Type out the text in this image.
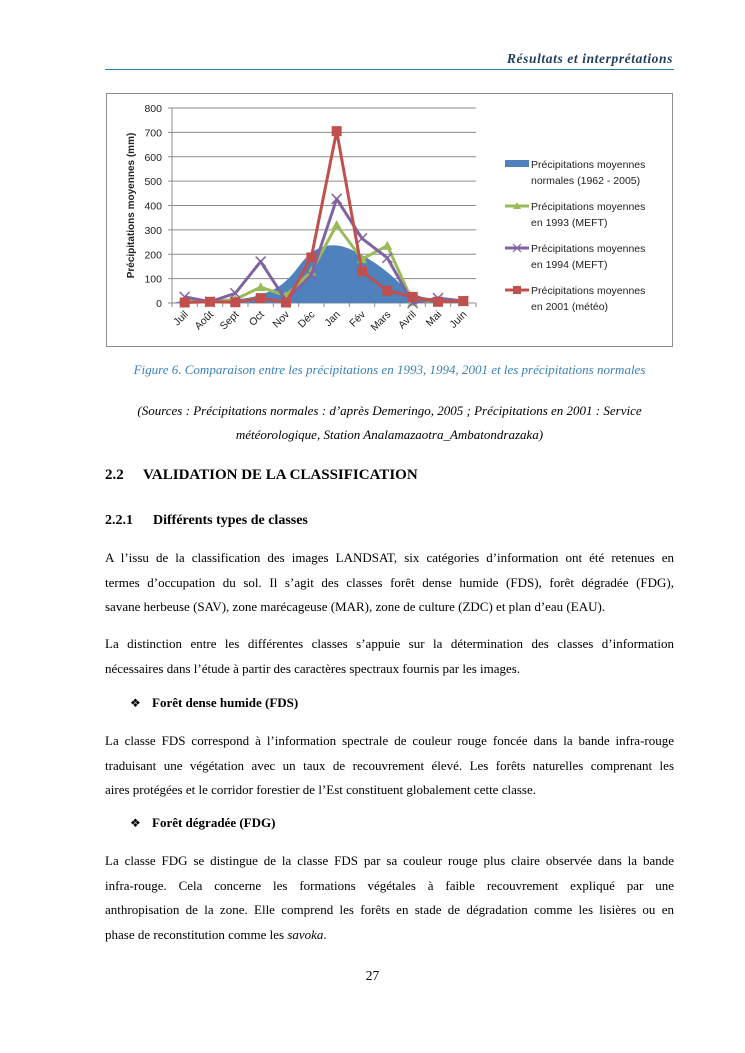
Résultats et interprétations
0
100
200
300
400
500
600
700
800
Précipitations moyennes (mm)
Juil Août Sept Oct Nov Déc Jan Fév Mars Avril Mai Juin
Précipitations moyennes
normales (1962 - 2005)
Précipitations moyennes
en 1993 (MEFT)
Précipitations moyennes
en 1994 (MEFT)
Précipitations moyennes
en 2001 (météo)
Figure 6. Comparaison entre les précipitations en 1993, 1994, 2001 et les précipitations normales
(Sources : Précipitations normales : d’après Demeringo, 2005 ; Précipitations en 2001 : Service
météorologique, Station Analamazaotra_Ambatondrazaka)
2.2 VALIDATION DE LA CLASSIFICATION
2.2.1 Différents types de classes
A l’issu de la classification des images LANDSAT, six catégories d’information ont été retenues en
termes d’occupation du sol. Il s’agit des classes forêt dense humide (FDS), forêt dégradée (FDG),
savane herbeuse (SAV), zone marécageuse (MAR), zone de culture (ZDC) et plan d’eau (EAU).
La distinction entre les différentes classes s’appuie sur la détermination des classes d’information
nécessaires dans l’étude à partir des caractères spectraux fournis par les images.
❖ Forêt dense humide (FDS)
La classe FDS correspond à l’information spectrale de couleur rouge foncée dans la bande infra-rouge
traduisant une végétation avec un taux de recouvrement élevé. Les forêts naturelles comprenant les
aires protégées et le corridor forestier de l’Est constituent globalement cette classe.
❖ Forêt dégradée (FDG)
La classe FDG se distingue de la classe FDS par sa couleur rouge plus claire observée dans la bande
infra-rouge. Cela concerne les formations végétales à faible recouvrement expliqué par une
anthropisation de la zone. Elle comprend les forêts en stade de dégradation comme les lisières ou en
phase de reconstitution comme les savoka.
27
